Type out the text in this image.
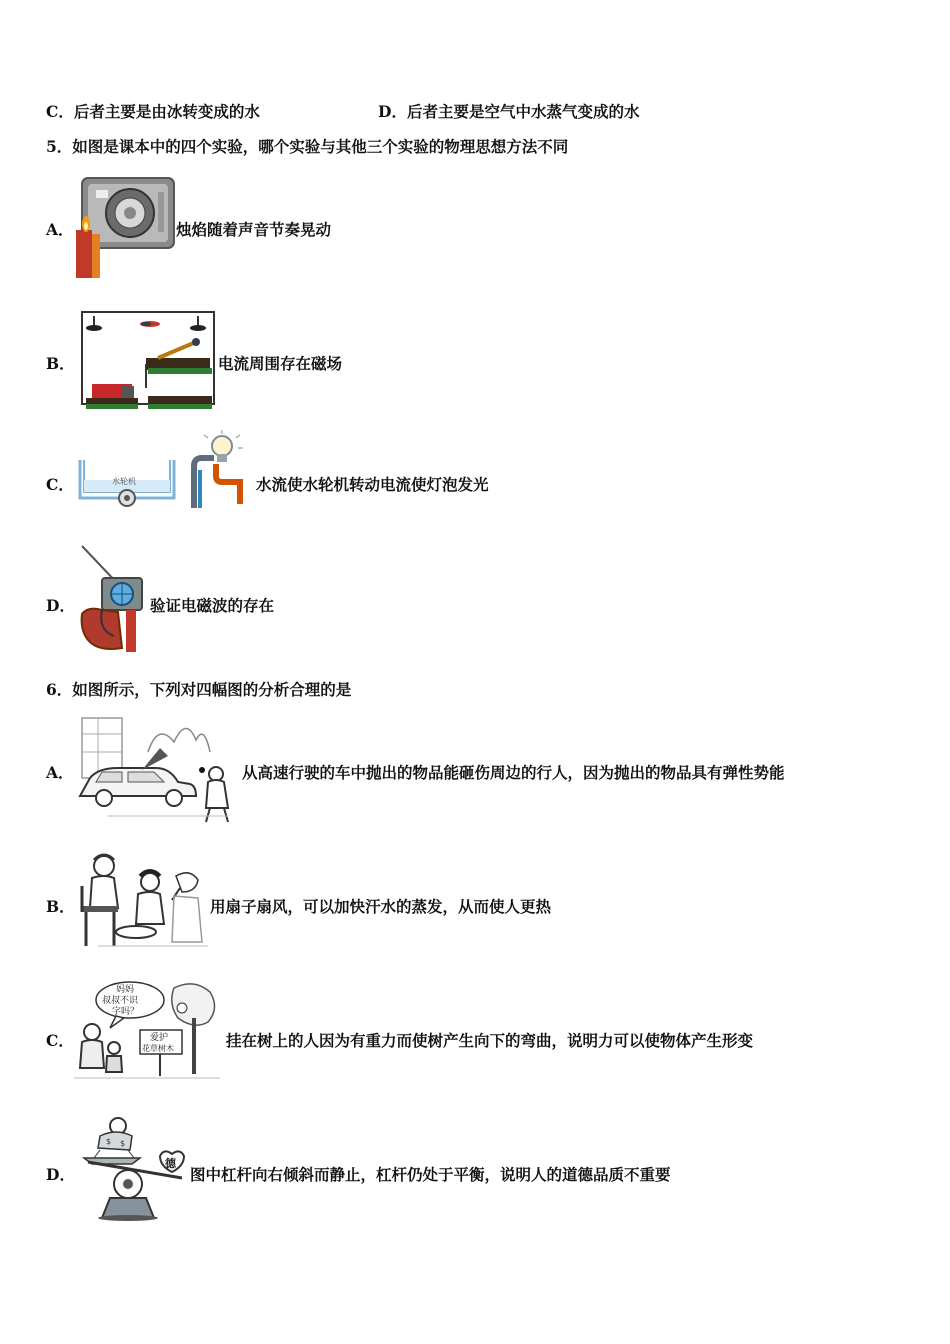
C．后者主要是由冰转变成的水	D．后者主要是空气中水蒸气变成的水
5．如图是课本中的四个实验，哪个实验与其他三个实验的物理思想方法不同
A．	烛焰随着声音节奏晃动
B．	电流周围存在磁场
C．	水轮机	水流使水轮机转动电流使灯泡发光
D．	验证电磁波的存在
6．如图所示，下列对四幅图的分析合理的是
A．	从高速行驶的车中抛出的物品能砸伤周边的行人，因为抛出的物品具有弹性势能
B．	用扇子扇风，可以加快汗水的蒸发，从而使人更热
C．
妈妈
叔叔不识
字吗？
爱护
花草树木	挂在树上的人因为有重力而使树产生向下的弯曲，说明力可以使物体产生形变
D．
$ $
德
图中杠杆向右倾斜而静止，杠杆仍处于平衡，说明人的道德品质不重要
